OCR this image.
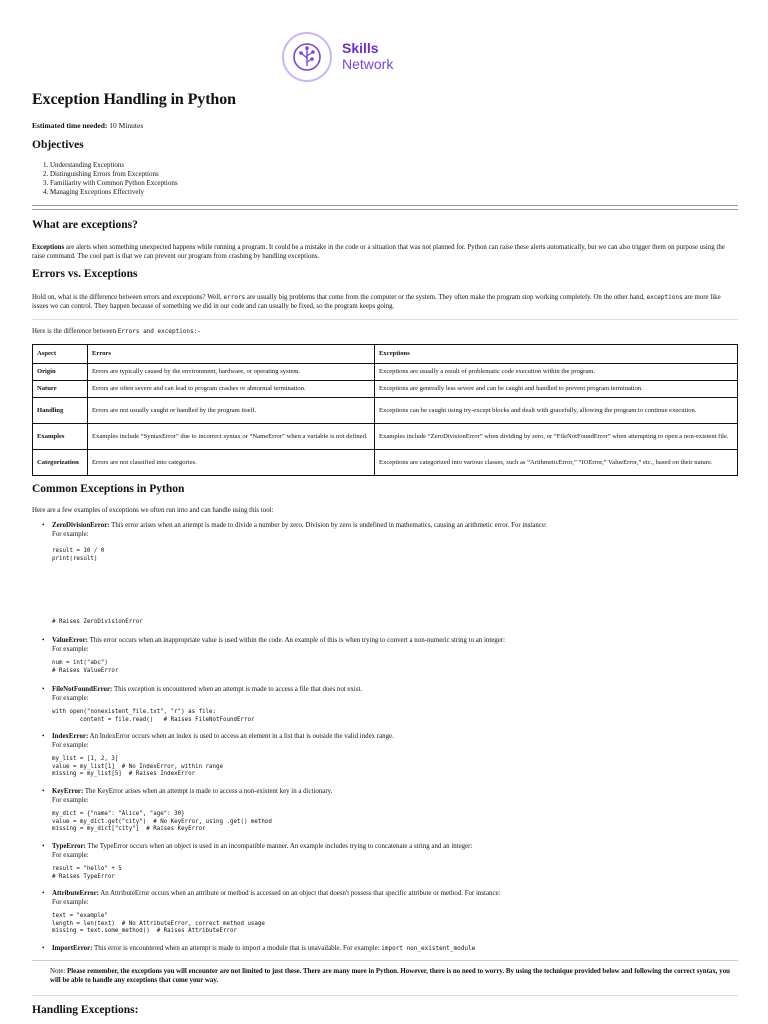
Skills
Network
Exception Handling in Python
Estimated time needed: 10 Minutes
Objectives
1. Understanding Exceptions
2. Distinguishing Errors from Exceptions
3. Familiarity with Common Python Exceptions
4. Managing Exceptions Effectively
What are exceptions?

Exceptions are alerts when something unexpected happens while running a program. It could be a mistake in the code or a situation that was not planned for. Python can raise these alerts automatically, but we can also trigger them on purpose using the raise command. The cool part is that we can prevent our program from crashing by handling exceptions.

Errors vs. Exceptions

Hold on, what is the difference between errors and exceptions? Well, errors are usually big problems that come from the computer or the system. They often make the program stop working completely. On the other hand, exceptions are more like issues we can control. They happen because of something we did in our code and can usually be fixed, so the program keeps going.

Here is the difference between Errors and exceptions:-

Aspect	Errors	Exceptions
Origin	Errors are typically caused by the environment, hardware, or operating system.	Exceptions are usually a result of problematic code execution within the program.
Nature	Errors are often severe and can lead to program crashes or abnormal termination.	Exceptions are generally less severe and can be caught and handled to prevent program termination.
Handling	Errors are not usually caught or handled by the program itself.	Exceptions can be caught using try-except blocks and dealt with gracefully, allowing the program to continue execution.
Examples	Examples include “SyntaxError” due to incorrect syntax or “NameError” when a variable is not defined.	Examples include “ZeroDivisionError” when dividing by zero, or “FileNotFoundError” when attempting to open a non-existent file.
Categorization	Errors are not classified into categories.	Exceptions are categorized into various classes, such as “ArithmeticError,” “IOError,” ValueError,” etc., based on their nature.
Common Exceptions in Python

Here are a few examples of exceptions we often run into and can handle using this tool:

• ZeroDivisionError: This error arises when an attempt is made to divide a number by zero. Division by zero is undefined in mathematics, causing an arithmetic error. For instance:
For example:
result = 10 / 0
print(result)
# Raises ZeroDivisionError
• ValueError: This error occurs when an inappropriate value is used within the code. An example of this is when trying to convert a non-numeric string to an integer:
For example:
num = int("abc")
# Raises ValueError
• FileNotFoundError: This exception is encountered when an attempt is made to access a file that does not exist.
For example:
with open("nonexistent_file.txt", "r") as file:
content = file.read()   # Raises FileNotFoundError
• IndexError: An IndexError occurs when an index is used to access an element in a list that is outside the valid index range.
For example:
my_list = [1, 2, 3]
value = my_list[1]  # No IndexError, within range
missing = my_list[5]  # Raises IndexError
• KeyError: The KeyError arises when an attempt is made to access a non-existent key in a dictionary.
For example:
my_dict = {"name": "Alice", "age": 30}
value = my_dict.get("city")  # No KeyError, using .get() method
missing = my_dict["city"]  # Raises KeyError
• TypeError: The TypeError occurs when an object is used in an incompatible manner. An example includes trying to concatenate a string and an integer:
For example:
result = "hello" + 5
# Raises TypeError
• AttributeError: An AttributeError occurs when an attribute or method is accessed on an object that doesn't possess that specific attribute or method. For instance:
For example:
text = "example"
length = len(text)  # No AttributeError, correct method usage
missing = text.some_method()  # Raises AttributeError
• ImportError: This error is encountered when an attempt is made to import a module that is unavailable. For example: import non_existent_module

Note: Please remember, the exceptions you will encounter are not limited to just these. There are many more in Python. However, there is no need to worry. By using the technique provided below and following the correct syntax, you will be able to handle any exceptions that come your way.

Handling Exceptions:
